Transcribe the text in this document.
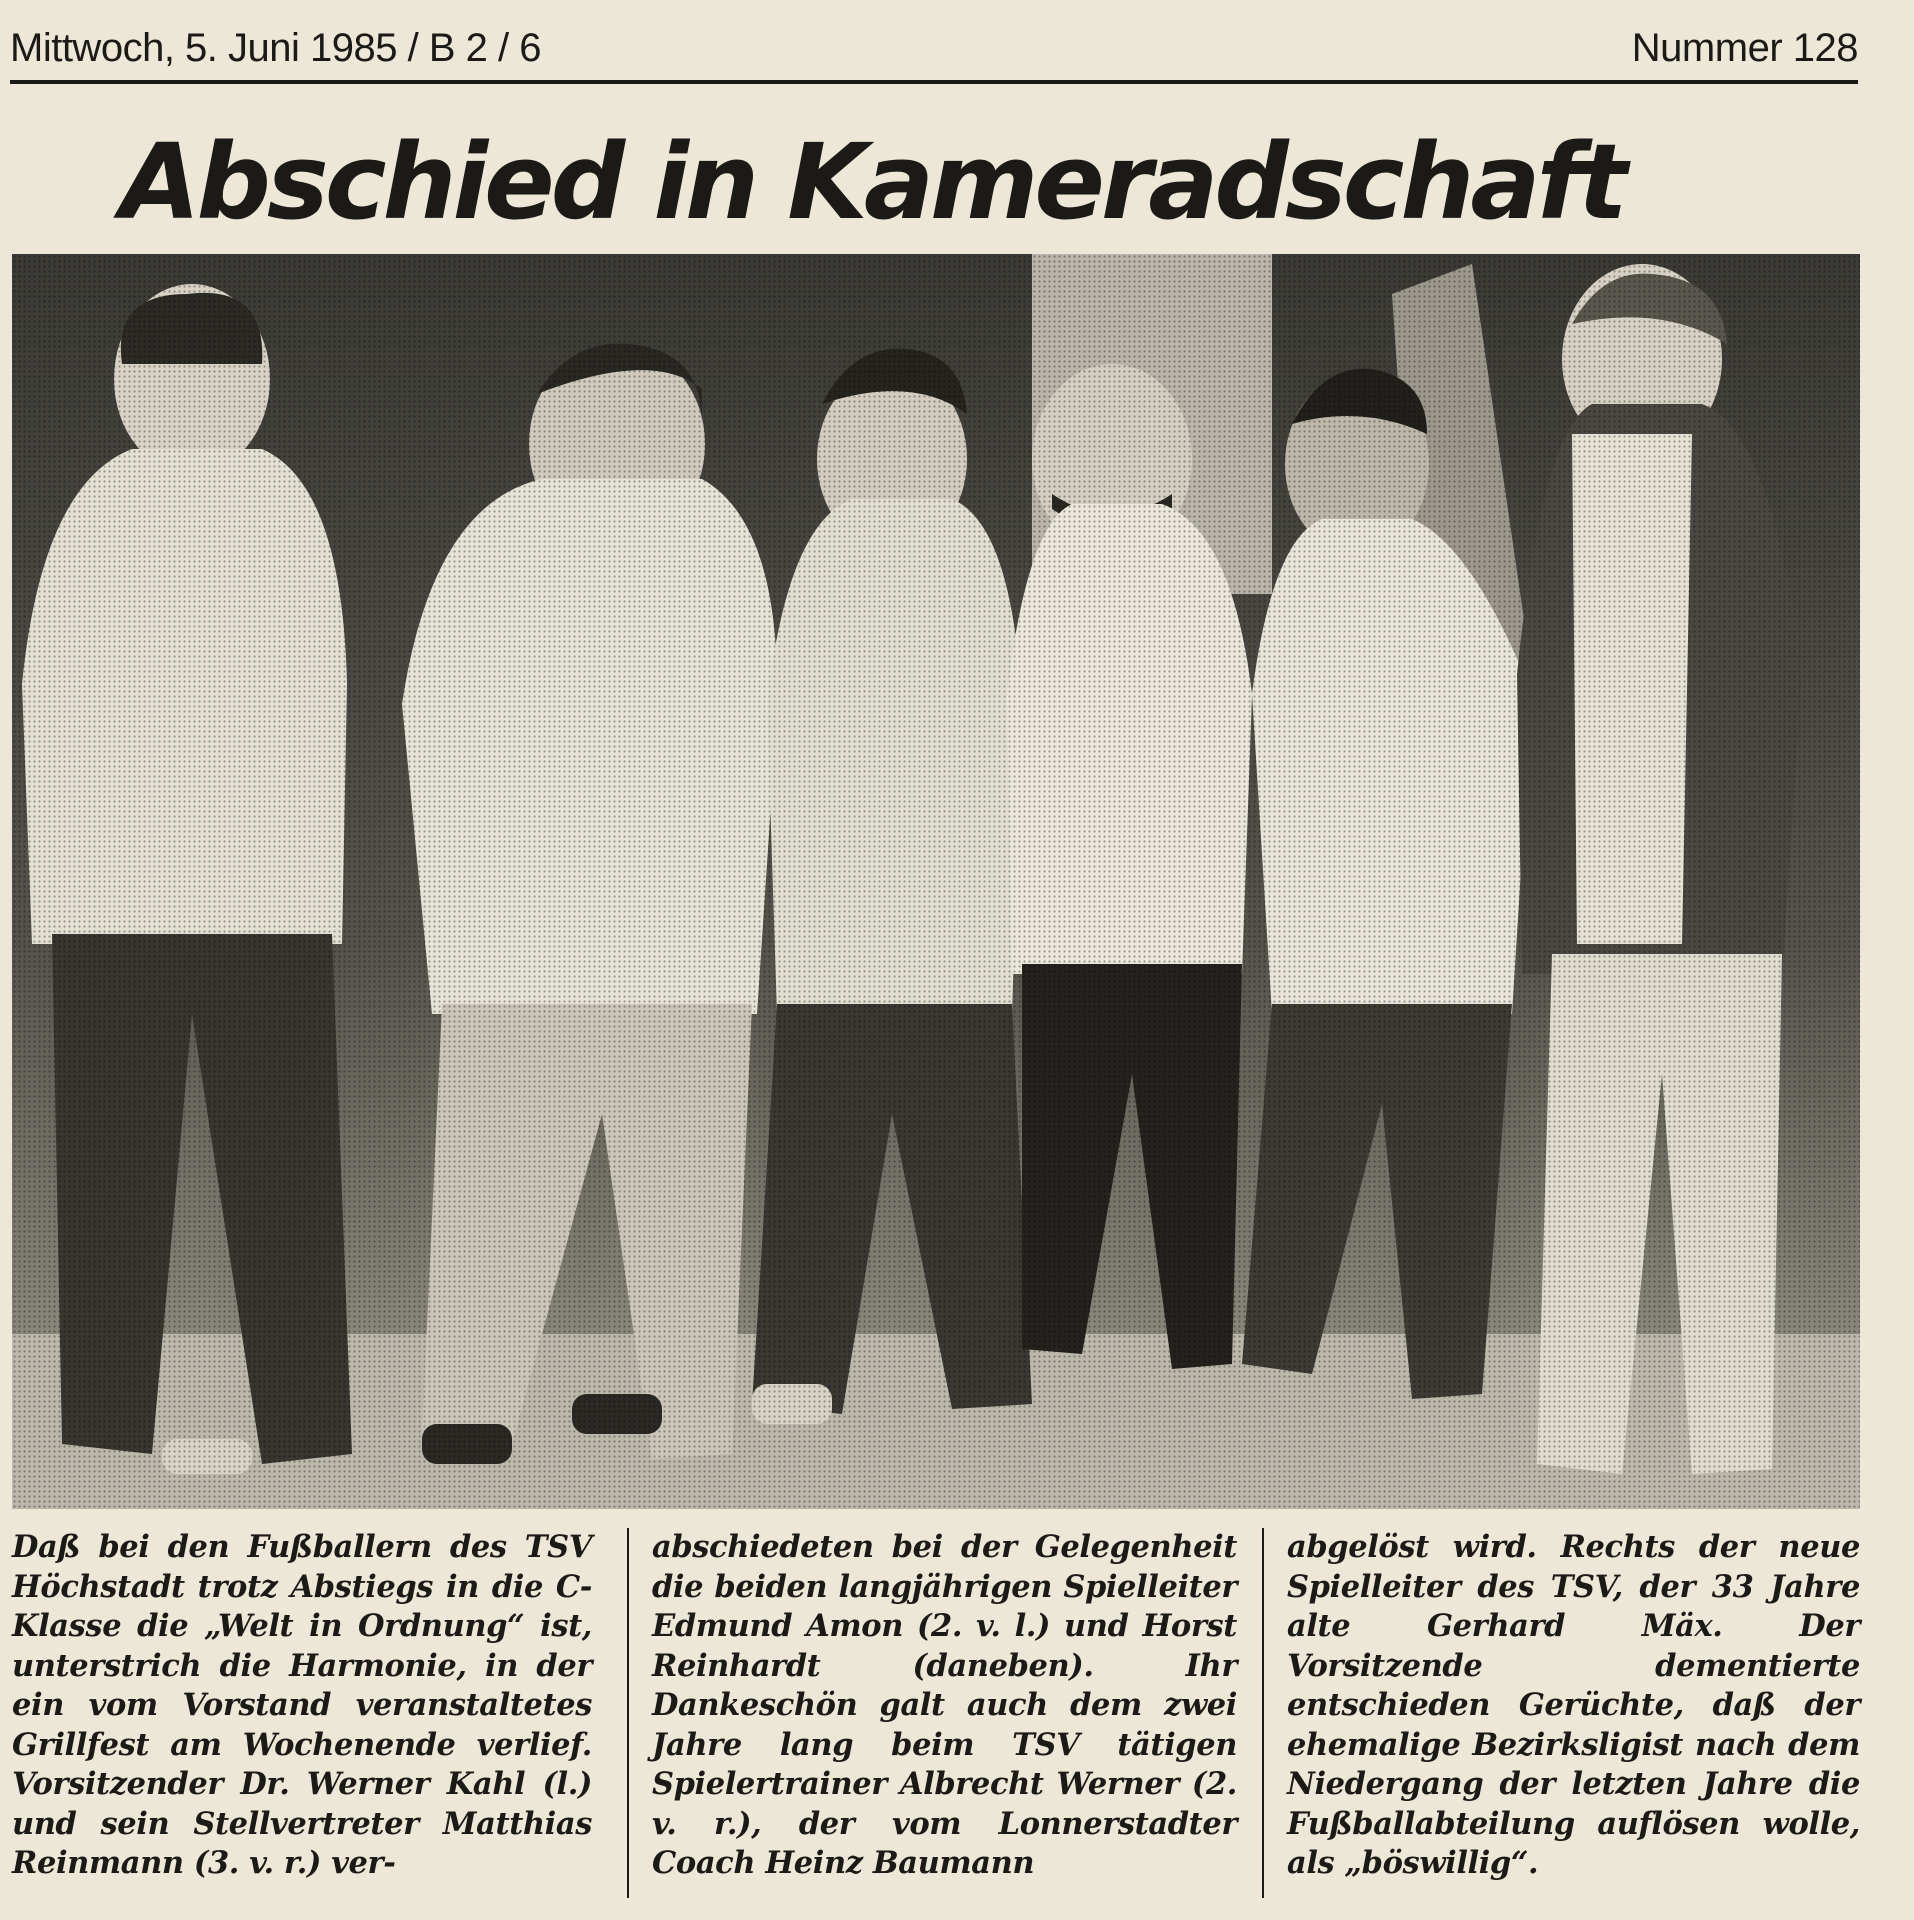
Mittwoch, 5. Juni 1985 / B 2 / 6	Nummer 128
Abschied in Kameradschaft

Daß bei den Fußballern des TSV Höchstadt trotz Abstiegs in die C-Klasse die „Welt in Ordnung“ ist, unterstrich die Harmonie, in der ein vom Vorstand veranstaltetes Grillfest am Wochenende verlief. Vorsitzender Dr. Werner Kahl (l.) und sein Stellvertreter Matthias Reinmann (3. v. r.) ver-

abschiedeten bei der Gelegenheit die beiden langjährigen Spielleiter Edmund Amon (2. v. l.) und Horst Reinhardt (daneben). Ihr Dankeschön galt auch dem zwei Jahre lang beim TSV tätigen Spielertrainer Albrecht Werner (2. v. r.), der vom Lonnerstadter Coach Heinz Baumann

abgelöst wird. Rechts der neue Spielleiter des TSV, der 33 Jahre alte Gerhard Mäx. Der Vorsitzende dementierte entschieden Gerüchte, daß der ehemalige Bezirksligist nach dem Niedergang der letzten Jahre die Fußballabteilung auflösen wolle, als „böswillig“.
